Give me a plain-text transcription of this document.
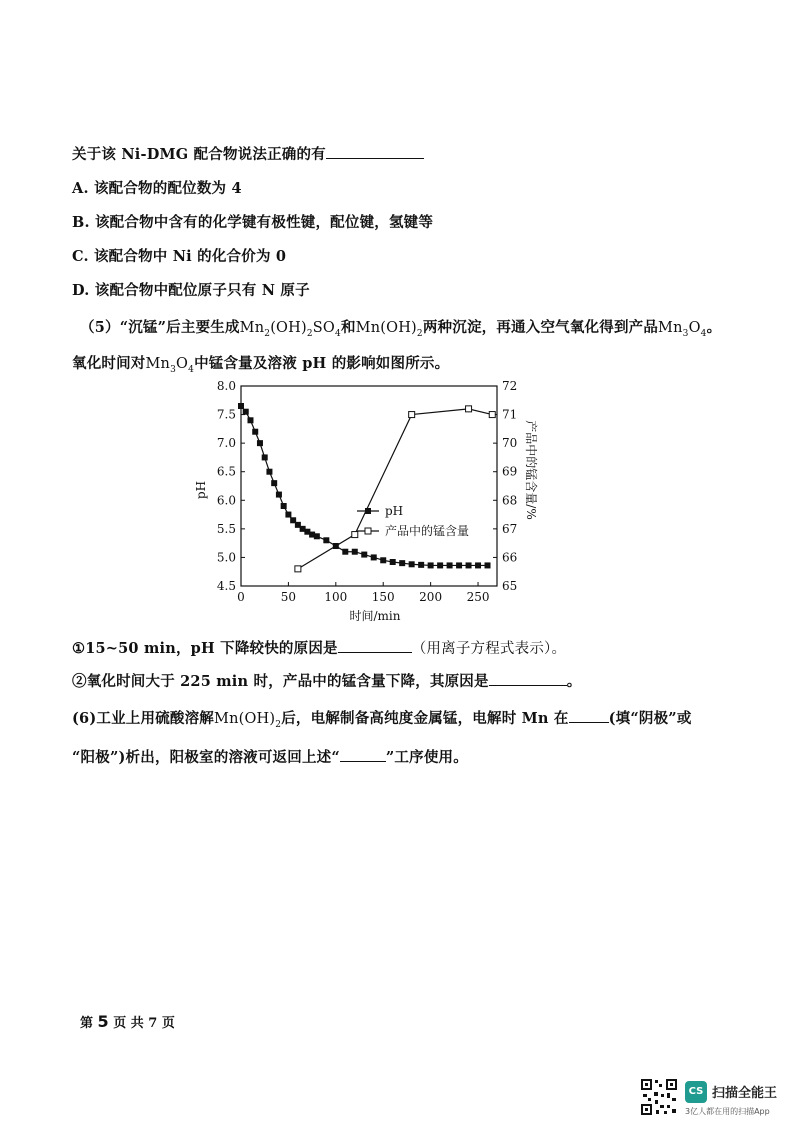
关于该 Ni-DMG 配合物说法正确的有
A. 该配合物的配位数为 4
B. 该配合物中含有的化学键有极性键，配位键，氢键等
C. 该配合物中 Ni 的化合价为 0
D. 该配合物中配位原子只有 N 原子
（5）“沉锰”后主要生成$Mn_2(OH)_2SO_4$和$Mn(OH)_2$两种沉淀，再通入空气氧化得到产品$Mn_3O_4$。
氧化时间对$Mn_3O_4$中锰含量及溶液 pH 的影响如图所示。
0	50 100 150 200 250
4.5
5.0
5.5
6.0
6.5
7.0
7.5
8.0
65
66
67
68
69
70
71
72
pH
产品中的锰含量
pH	产品中的锰含量/%
时间/min
①15~50 min，pH 下降较快的原因是	（用离子方程式表示）。
②氧化时间大于 225 min 时，产品中的锰含量下降，其原因是	。
(6)工业上用硫酸溶解$Mn(OH)_2$后，电解制备高纯度金属锰，电解时 Mn 在	(填“阴极”或
“阳极”)析出，阳极室的溶液可返回上述“	”工序使用。
第 5 页 共 7 页
CS 扫描全能王
3亿人都在用的扫描App
